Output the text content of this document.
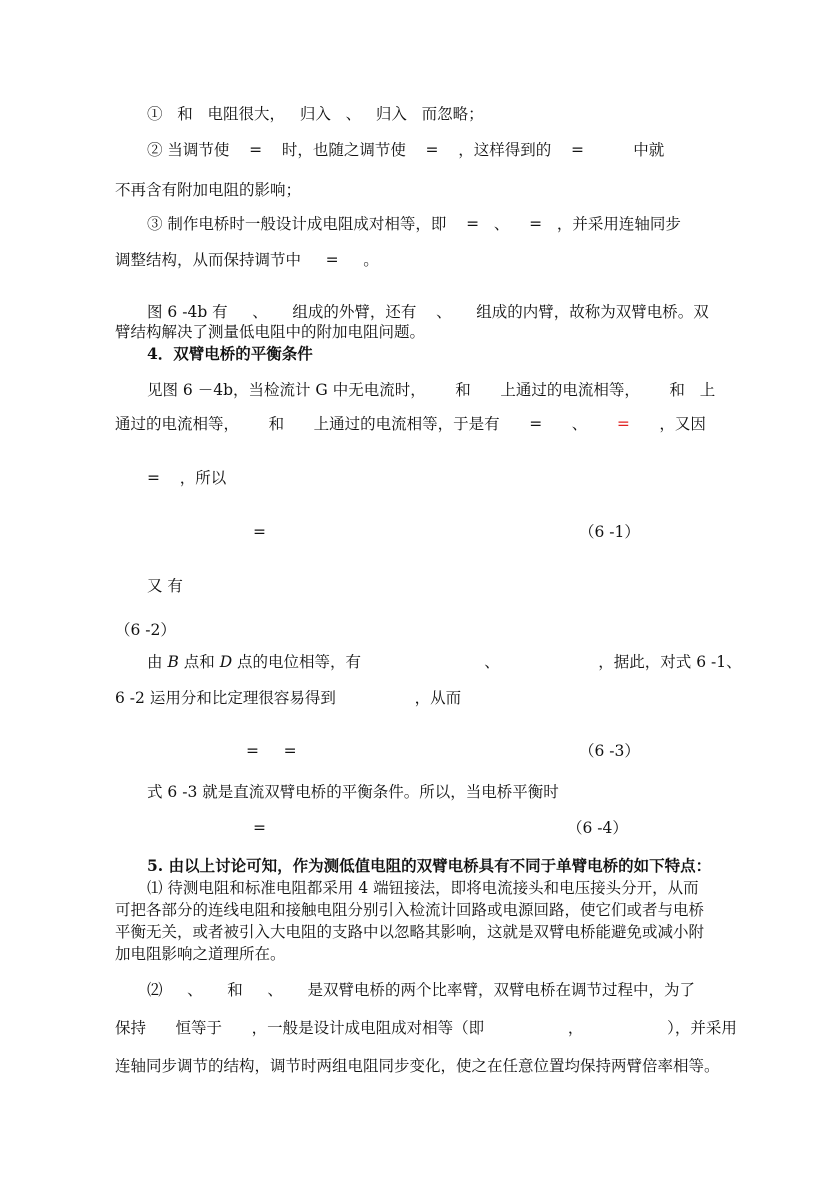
①   和   电阻很大，   归入   、   归入   而忽略；

② 当调节使    =    时，也随之调节使    =    ，这样得到的    =          中就

不再含有附加电阻的影响；

③ 制作电桥时一般设计成电阻成对相等，即    =   、    =   ，并采用连轴同步

调整结构，从而保持调节中     =     。

图 6 -4b 有     、     组成的外臂，还有    、     组成的内臂，故称为双臂电桥。双

臂结构解决了测量低电阻中的附加电阻问题。

4．双臂电桥的平衡条件

见图 6 －4b，当检流计 G 中无电流时，      和      上通过的电流相等，      和   上

通过的电流相等，      和      上通过的电流相等，于是有      =      、 = ，又因

=    ，所以

=	（6 -1）

又 有

（6 -2）

由 B 点和 D 点的电位相等，有                         、                    ，据此，对式 6 -1、

6 -2 运用分和比定理很容易得到                ，从而

=     =	（6 -3）

式 6 -3 就是直流双臂电桥的平衡条件。所以，当电桥平衡时

=	（6 -4）

5. 由以上讨论可知，作为测低值电阻的双臂电桥具有不同于单臂电桥的如下特点：

⑴ 待测电阻和标准电阻都采用 4 端钮接法，即将电流接头和电压接头分开，从而

可把各部分的连线电阻和接触电阻分别引入检流计回路或电源回路，使它们或者与电桥

平衡无关，或者被引入大电阻的支路中以忽略其影响，这就是双臂电桥能避免或减小附

加电阻影响之道理所在。

⑵     、     和     、     是双臂电桥的两个比率臂，双臂电桥在调节过程中，为了

保持      恒等于      ，一般是设计成电阻成对相等（即                 ，                 ），并采用

连轴同步调节的结构，调节时两组电阻同步变化，使之在任意位置均保持两臂倍率相等。
